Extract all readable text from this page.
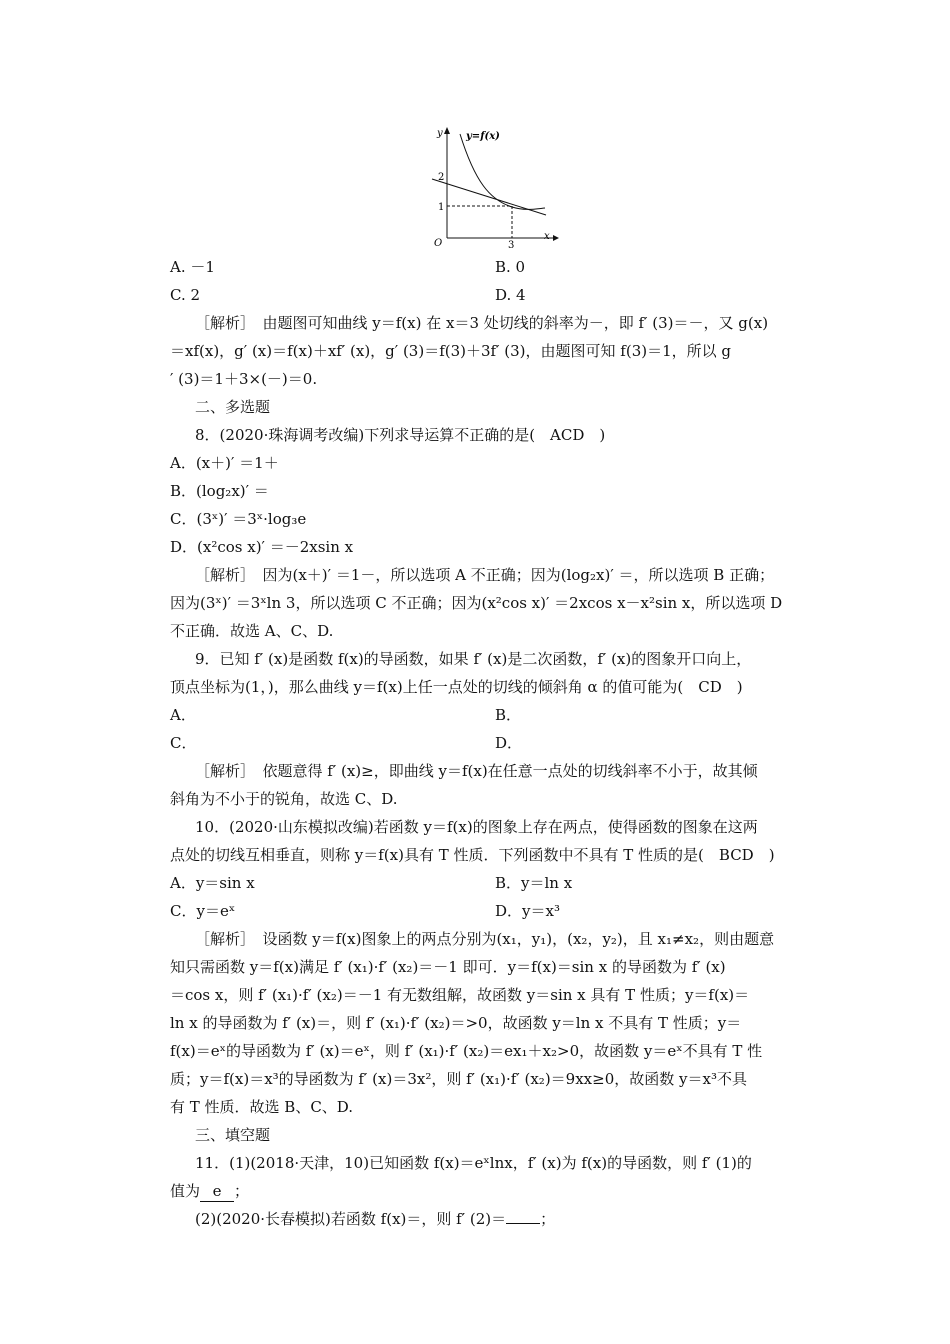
y=f(x)
y
x
O
2
1
3
A. －1	B. 0
C. 2	D. 4
［解析］　由题图可知曲线 y＝f(x) 在 x＝3 处切线的斜率为－，即 f′ (3)＝－，又 g(x)
＝xf(x)，g′ (x)＝f(x)＋xf′ (x)，g′ (3)＝f(3)＋3f′ (3)，由题图可知 f(3)＝1，所以 g
′ (3)＝1＋3×(－)＝0.
二、多选题
8．(2020·珠海调考改编)下列求导运算不正确的是(　ACD　)
A．(x＋)′ ＝1＋
B．(log₂x)′ ＝
C．(3ˣ)′ ＝3ˣ·log₃e
D．(x²cos x)′ ＝－2xsin x
［解析］　因为(x＋)′ ＝1－，所以选项 A 不正确；因为(log₂x)′ ＝，所以选项 B 正确；
因为(3ˣ)′ ＝3ˣln 3，所以选项 C 不正确；因为(x²cos x)′ ＝2xcos x－x²sin x，所以选项 D
不正确．故选 A、C、D.
9．已知 f′ (x)是函数 f(x)的导函数，如果 f′ (x)是二次函数，f′ (x)的图象开口向上，
顶点坐标为(1，)，那么曲线 y＝f(x)上任一点处的切线的倾斜角 α 的值可能为(　CD　)
A．	B．
C．	D．
［解析］　依题意得 f′ (x)≥，即曲线 y＝f(x)在任意一点处的切线斜率不小于，故其倾
斜角为不小于的锐角，故选 C、D.
10．(2020·山东模拟改编)若函数 y＝f(x)的图象上存在两点，使得函数的图象在这两
点处的切线互相垂直，则称 y＝f(x)具有 T 性质．下列函数中不具有 T 性质的是(　BCD　)
A．y＝sin x	B．y＝ln x
C．y＝eˣ	D．y＝x³
［解析］　设函数 y＝f(x)图象上的两点分别为(x₁，y₁)，(x₂，y₂)，且 x₁≠x₂，则由题意
知只需函数 y＝f(x)满足 f′ (x₁)·f′ (x₂)＝－1 即可．y＝f(x)＝sin x 的导函数为 f′ (x)
＝cos x，则 f′ (x₁)·f′ (x₂)＝－1 有无数组解，故函数 y＝sin x 具有 T 性质；y＝f(x)＝
ln x 的导函数为 f′ (x)＝，则 f′ (x₁)·f′ (x₂)＝>0，故函数 y＝ln x 不具有 T 性质；y＝
f(x)＝eˣ的导函数为 f′ (x)＝eˣ，则 f′ (x₁)·f′ (x₂)＝ex₁＋x₂>0，故函数 y＝eˣ不具有 T 性
质；y＝f(x)＝x³的导函数为 f′ (x)＝3x²，则 f′ (x₁)·f′ (x₂)＝9xx≥0，故函数 y＝x³不具
有 T 性质．故选 B、C、D.
三、填空题
11．(1)(2018·天津，10)已知函数 f(x)＝eˣlnx，f′ (x)为 f(x)的导函数，则 f′ (1)的
值为 e ；
(2)(2020·长春模拟)若函数 f(x)＝，则 f′ (2)＝ ；
